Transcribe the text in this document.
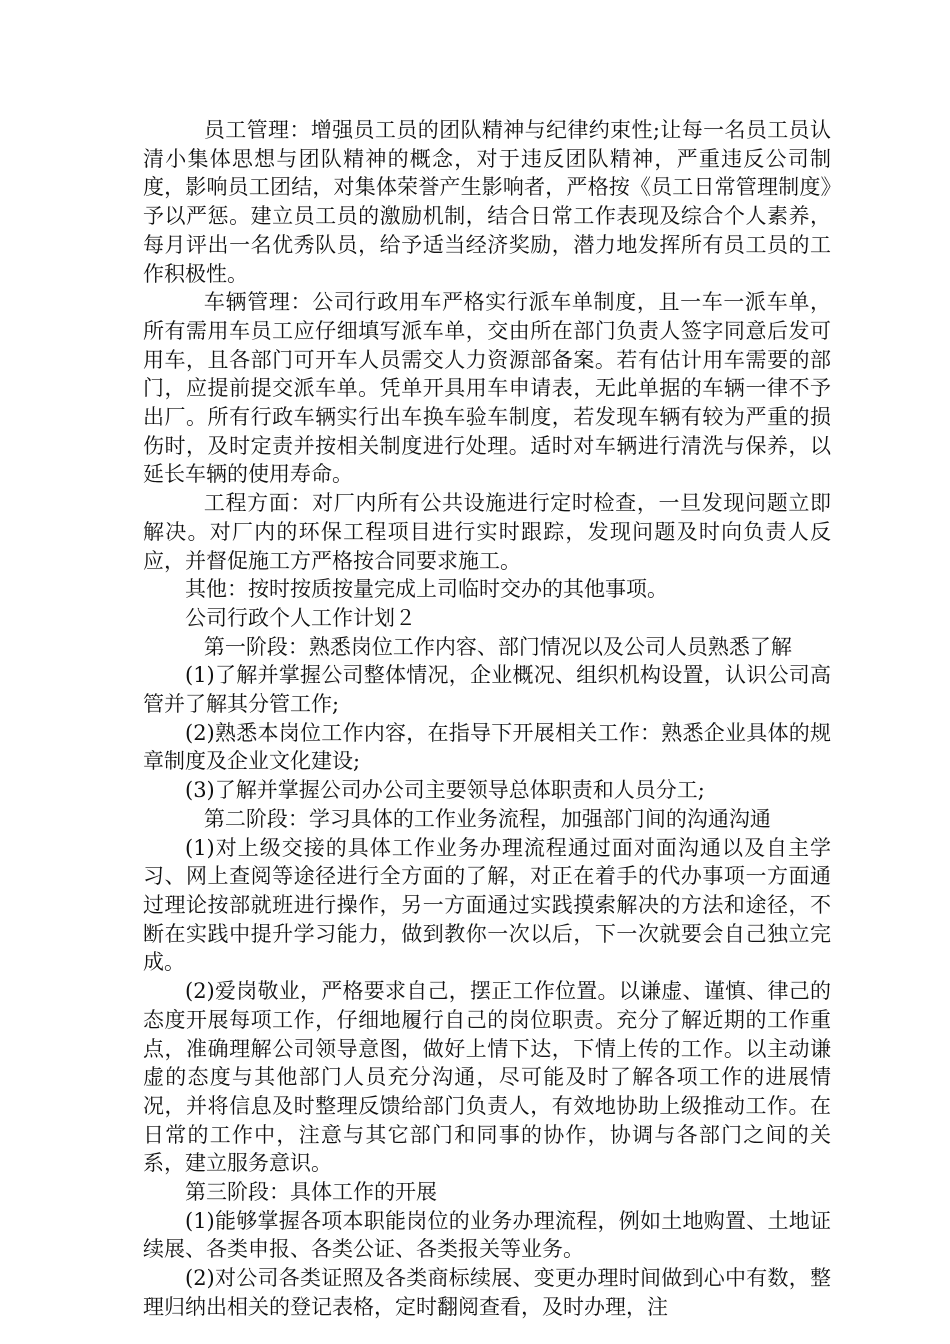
员工管理：增强员工员的团队精神与纪律约束性;让每一名员工员认清小集体思想与团队精神的概念，对于违反团队精神，严重违反公司制度，影响员工团结，对集体荣誉产生影响者，严格按《员工日常管理制度》予以严惩。建立员工员的激励机制，结合日常工作表现及综合个人素养，每月评出一名优秀队员，给予适当经济奖励，潜力地发挥所有员工员的工作积极性。

车辆管理：公司行政用车严格实行派车单制度，且一车一派车单，所有需用车员工应仔细填写派车单，交由所在部门负责人签字同意后发可用车，且各部门可开车人员需交人力资源部备案。若有估计用车需要的部门，应提前提交派车单。凭单开具用车申请表，无此单据的车辆一律不予出厂。所有行政车辆实行出车换车验车制度，若发现车辆有较为严重的损伤时，及时定责并按相关制度进行处理。适时对车辆进行清洗与保养，以延长车辆的使用寿命。

工程方面：对厂内所有公共设施进行定时检查，一旦发现问题立即解决。对厂内的环保工程项目进行实时跟踪，发现问题及时向负责人反应，并督促施工方严格按合同要求施工。

其他：按时按质按量完成上司临时交办的其他事项。

公司行政个人工作计划２

第一阶段：熟悉岗位工作内容、部门情况以及公司人员熟悉了解

(1)了解并掌握公司整体情况，企业概况、组织机构设置，认识公司高管并了解其分管工作;

(2)熟悉本岗位工作内容，在指导下开展相关工作：熟悉企业具体的规章制度及企业文化建设;

(3)了解并掌握公司办公司主要领导总体职责和人员分工;

第二阶段：学习具体的工作业务流程，加强部门间的沟通沟通

(1)对上级交接的具体工作业务办理流程通过面对面沟通以及自主学习、网上查阅等途径进行全方面的了解，对正在着手的代办事项一方面通过理论按部就班进行操作，另一方面通过实践摸索解决的方法和途径，不断在实践中提升学习能力，做到教你一次以后，下一次就要会自己独立完成。

(2)爱岗敬业，严格要求自己，摆正工作位置。以谦虚、谨慎、律己的态度开展每项工作，仔细地履行自己的岗位职责。充分了解近期的工作重点，准确理解公司领导意图，做好上情下达，下情上传的工作。以主动谦虚的态度与其他部门人员充分沟通，尽可能及时了解各项工作的进展情况，并将信息及时整理反馈给部门负责人，有效地协助上级推动工作。在日常的工作中，注意与其它部门和同事的协作，协调与各部门之间的关系，建立服务意识。

第三阶段：具体工作的开展

(1)能够掌握各项本职能岗位的业务办理流程，例如土地购置、土地证续展、各类申报、各类公证、各类报关等业务。

(2)对公司各类证照及各类商标续展、变更办理时间做到心中有数，整理归纳出相关的登记表格，定时翻阅查看，及时办理，注
